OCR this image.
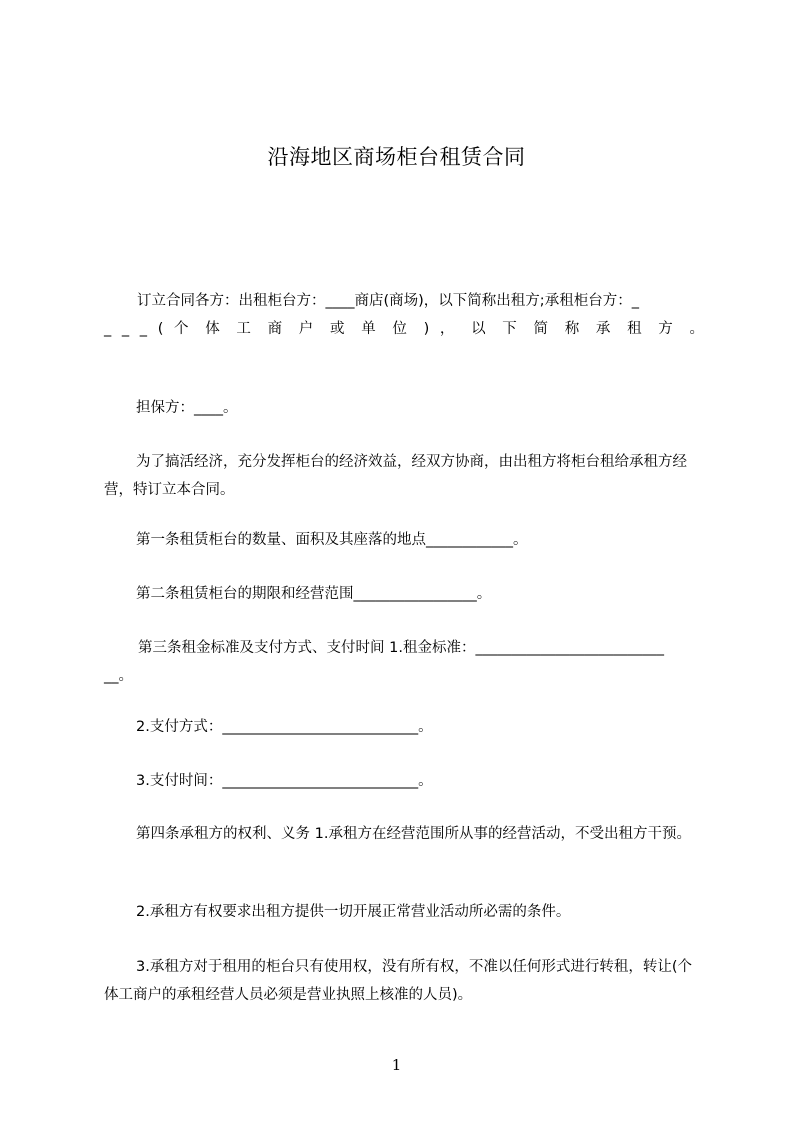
沿海地区商场柜台租赁合同

订立合同各方：出租柜台方：____商店(商场)，以下简称出租方;承租柜台方：_
_ _ _ ( 个 体 工 商 户 或 单 位 ) ， 以 下 简 称 承 租 方 。

担保方：____。

为了搞活经济，充分发挥柜台的经济效益，经双方协商，由出租方将柜台租给承租方经营，特订立本合同。

第一条租赁柜台的数量、面积及其座落的地点____________。

第二条租赁柜台的期限和经营范围_________________。

第三条租金标准及支付方式、支付时间 1.租金标准：__________________________
__。

2.支付方式：___________________________。

3.支付时间：___________________________。

第四条承租方的权利、义务 1.承租方在经营范围所从事的经营活动，不受出租方干预。

2.承租方有权要求出租方提供一切开展正常营业活动所必需的条件。

3.承租方对于租用的柜台只有使用权，没有所有权，不准以任何形式进行转租，转让(个体工商户的承租经营人员必须是营业执照上核准的人员)。

1
